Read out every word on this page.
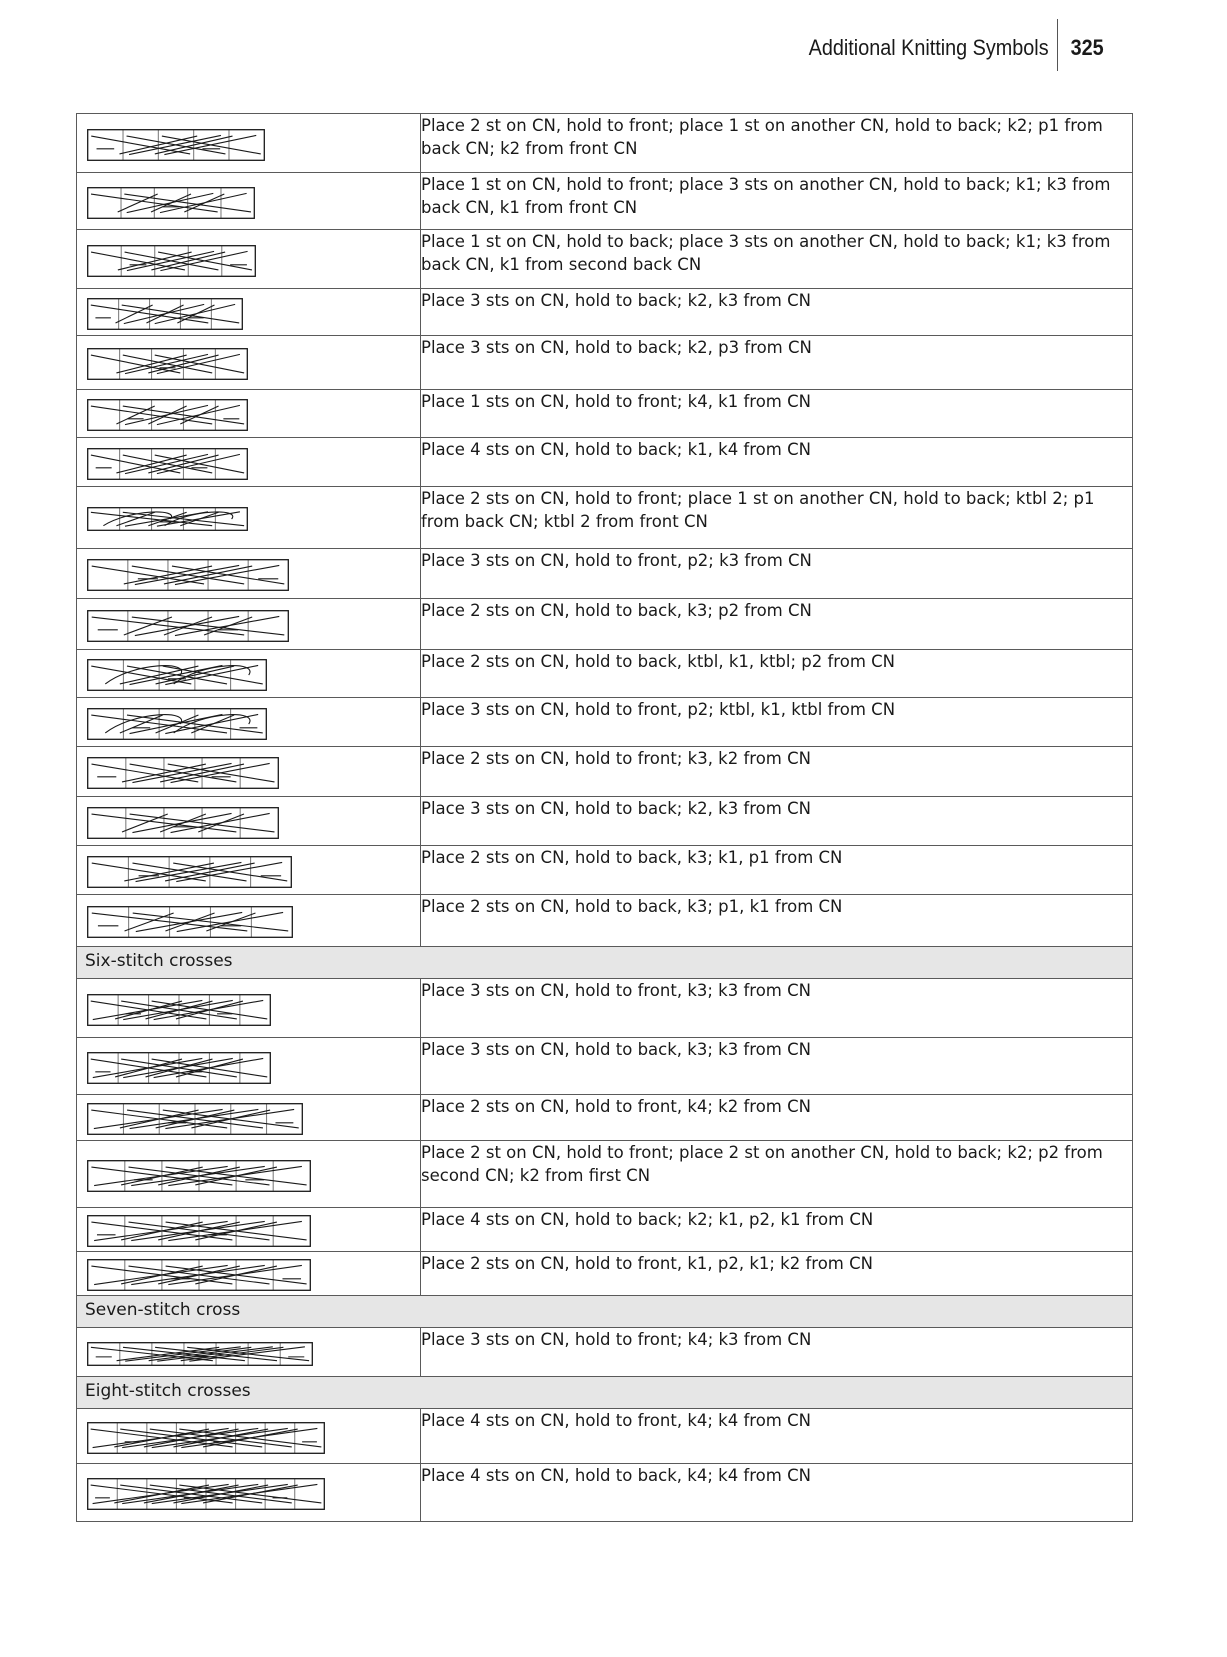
Additional Knitting Symbols	325
	Place 2 st on CN, hold to front; place 1 st on another CN, hold to back; k2; p1 from back CN; k2 from front CN

	Place 1 st on CN, hold to front; place 3 sts on another CN, hold to back; k1; k3 from back CN, k1 from front CN

	Place 1 st on CN, hold to back; place 3 sts on another CN, hold to back; k1; k3 from back CN, k1 from second back CN

	Place 3 sts on CN, hold to back; k2, k3 from CN

	Place 3 sts on CN, hold to back; k2, p3 from CN

	Place 1 sts on CN, hold to front; k4, k1 from CN

	Place 4 sts on CN, hold to back; k1, k4 from CN

	Place 2 sts on CN, hold to front; place 1 st on another CN, hold to back; ktbl 2; p1 from back CN; ktbl 2 from front CN

	Place 3 sts on CN, hold to front, p2; k3 from CN

	Place 2 sts on CN, hold to back, k3; p2 from CN

	Place 2 sts on CN, hold to back, ktbl, k1, ktbl; p2 from CN

	Place 3 sts on CN, hold to front, p2; ktbl, k1, ktbl from CN

	Place 2 sts on CN, hold to front; k3, k2 from CN

	Place 3 sts on CN, hold to back; k2, k3 from CN

	Place 2 sts on CN, hold to back, k3; k1, p1 from CN

	Place 2 sts on CN, hold to back, k3; p1, k1 from CN
Six-stitch crosses	

	Place 3 sts on CN, hold to front, k3; k3 from CN

	Place 3 sts on CN, hold to back, k3; k3 from CN

	Place 2 sts on CN, hold to front, k4; k2 from CN

	Place 2 st on CN, hold to front; place 2 st on another CN, hold to back; k2; p2 from second CN; k2 from first CN

	Place 4 sts on CN, hold to back; k2; k1, p2, k1 from CN

	Place 2 sts on CN, hold to front, k1, p2, k1; k2 from CN
Seven-stitch cross	

	Place 3 sts on CN, hold to front; k4; k3 from CN
Eight-stitch crosses	

	Place 4 sts on CN, hold to front, k4; k4 from CN

	Place 4 sts on CN, hold to back, k4; k4 from CN
